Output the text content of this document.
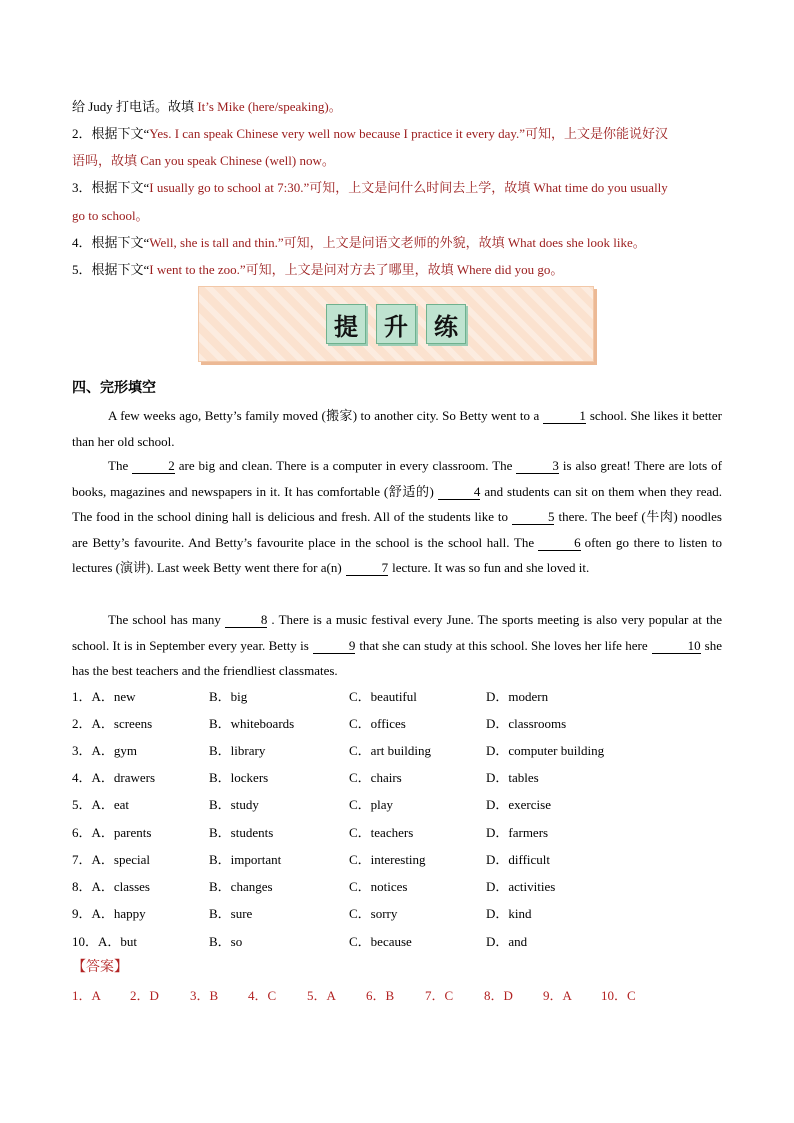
给 Judy 打电话。故填 It’s Mike (here/speaking)。
2．根据下文“Yes. I can speak Chinese very well now because I practice it every day.”可知，上文是你能说好汉
语吗，故填 Can you speak Chinese (well) now。
3．根据下文“I usually go to school at 7:30.”可知，上文是问什么时间去上学，故填 What time do you usually
go to school。
4．根据下文“Well, she is tall and thin.”可知，上文是问语文老师的外貌，故填 What does she look like。
5．根据下文“I went to the zoo.”可知，上文是问对方去了哪里，故填 Where did you go。
提	升	练
四、完形填空
A few weeks ago, Betty’s family moved (搬家) to another city. So Betty went to a	1 school. She likes it better than her old school.
The	2 are big and clean. There is a computer in every classroom. The	3 is also great! There are lots of books, magazines and newspapers in it. It has comfortable (舒适的)	4 and students can sit on them when they read. The food in the school dining hall is delicious and fresh. All of the students like to	5 there. The beef (牛肉) noodles are Betty’s favourite. And Betty’s favourite place in the school is the school hall. The	6 often go there to listen to lectures (演讲). Last week Betty went there for a(n)	7 lecture. It was so fun and she loved it.
The school has many	8 . There is a music festival every June. The sports meeting is also very popular at the school. It is in September every year. Betty is	9 that she can study at this school. She loves her life here	10 she has the best teachers and the friendliest classmates.
1．A．new	B．big	C．beautiful	D．modern
2．A．screens	B．whiteboards	C．offices	D．classrooms
3．A．gym	B．library	C．art building	D．computer building
4．A．drawers	B．lockers	C．chairs	D．tables
5．A．eat	B．study	C．play	D．exercise
6．A．parents	B．students	C．teachers	D．farmers
7．A．special	B．important	C．interesting	D．difficult
8．A．classes	B．changes	C．notices	D．activities
9．A．happy	B．sure	C．sorry	D．kind
10．A．but	B．so	C．because	D．and
【答案】
1．A 2．D 3．B 4．C 5．A 6．B 7．C 8．D 9．A 10．C
